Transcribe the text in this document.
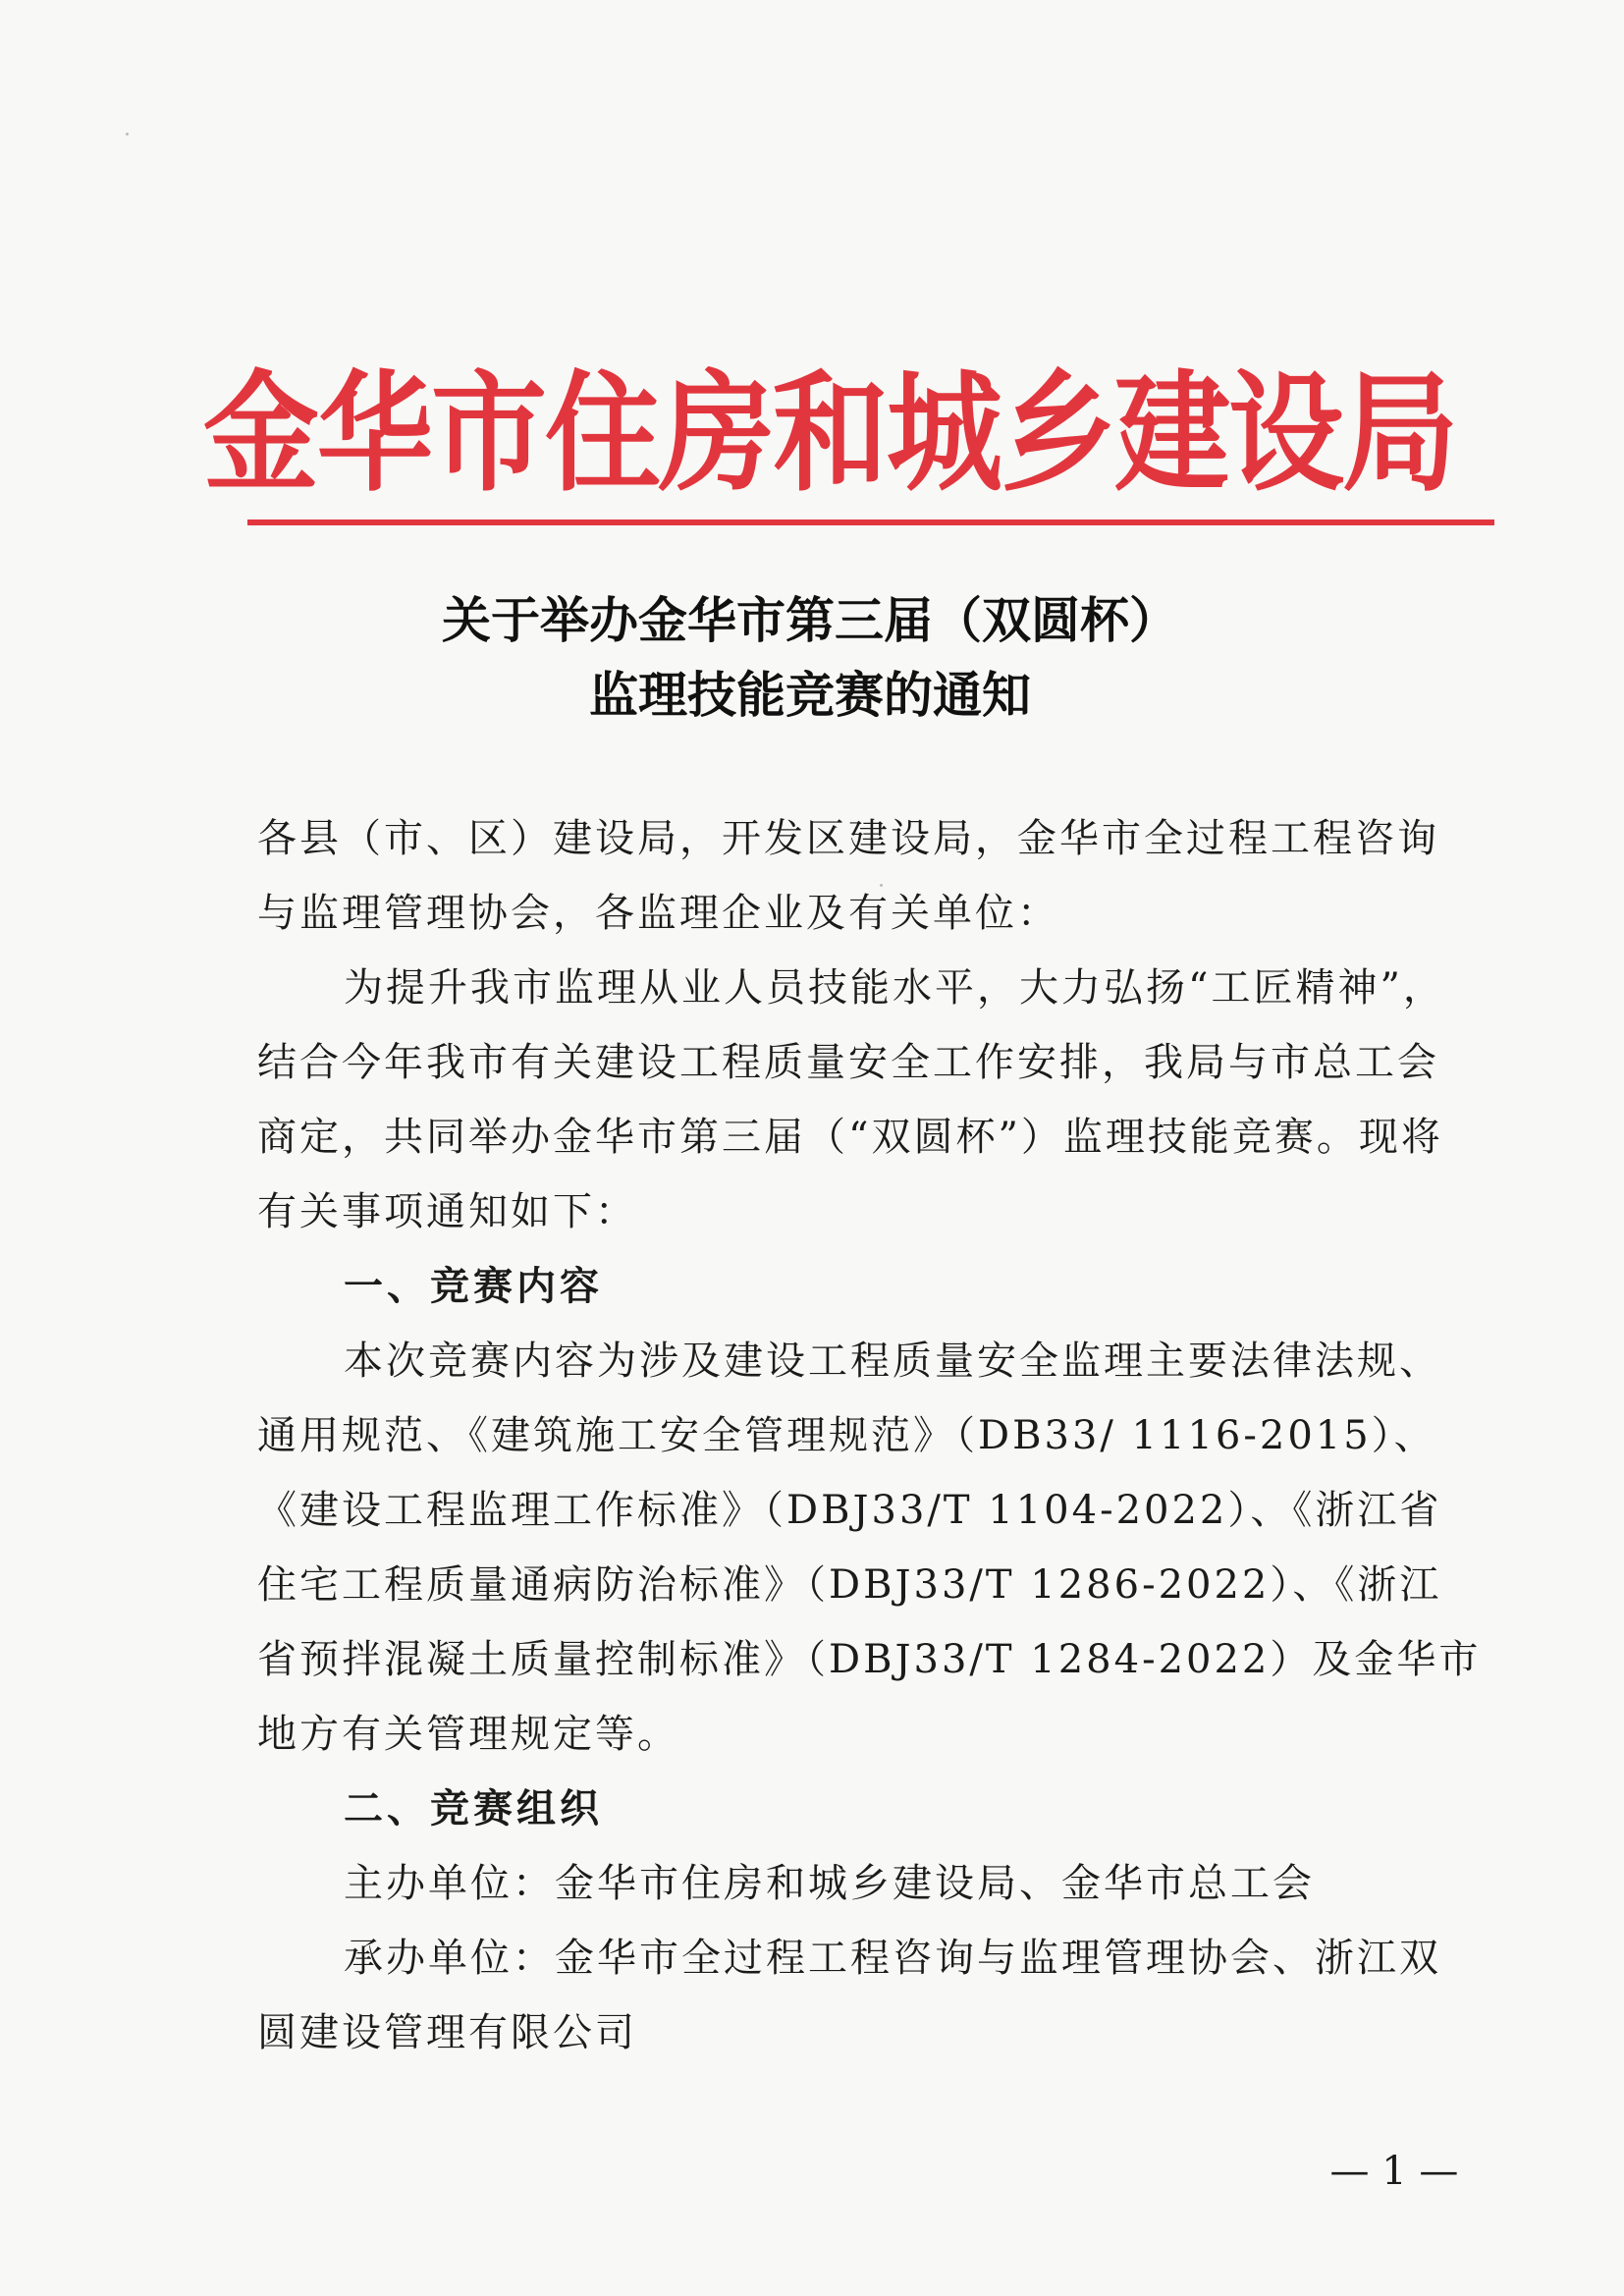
金华市住房和城乡建设局
关于举办金华市第三届（双圆杯）
监理技能竞赛的通知
各县（市、区）建设局，开发区建设局，金华市全过程工程咨询
与监理管理协会，各监理企业及有关单位：
为提升我市监理从业人员技能水平，大力弘扬“工匠精神”，
结合今年我市有关建设工程质量安全工作安排，我局与市总工会
商定，共同举办金华市第三届（“双圆杯”）监理技能竞赛。现将
有关事项通知如下：
一、竞赛内容
本次竞赛内容为涉及建设工程质量安全监理主要法律法规、
通用规范、《建筑施工安全管理规范》（DB33/ 1116-2015）、
《建设工程监理工作标准》（DBJ33/T 1104-2022）、《浙江省
住宅工程质量通病防治标准》（DBJ33/T 1286-2022）、《浙江
省预拌混凝土质量控制标准》（DBJ33/T 1284-2022）及金华市
地方有关管理规定等。
二、竞赛组织
主办单位：金华市住房和城乡建设局、金华市总工会
承办单位：金华市全过程工程咨询与监理管理协会、浙江双
圆建设管理有限公司
— 1 —
